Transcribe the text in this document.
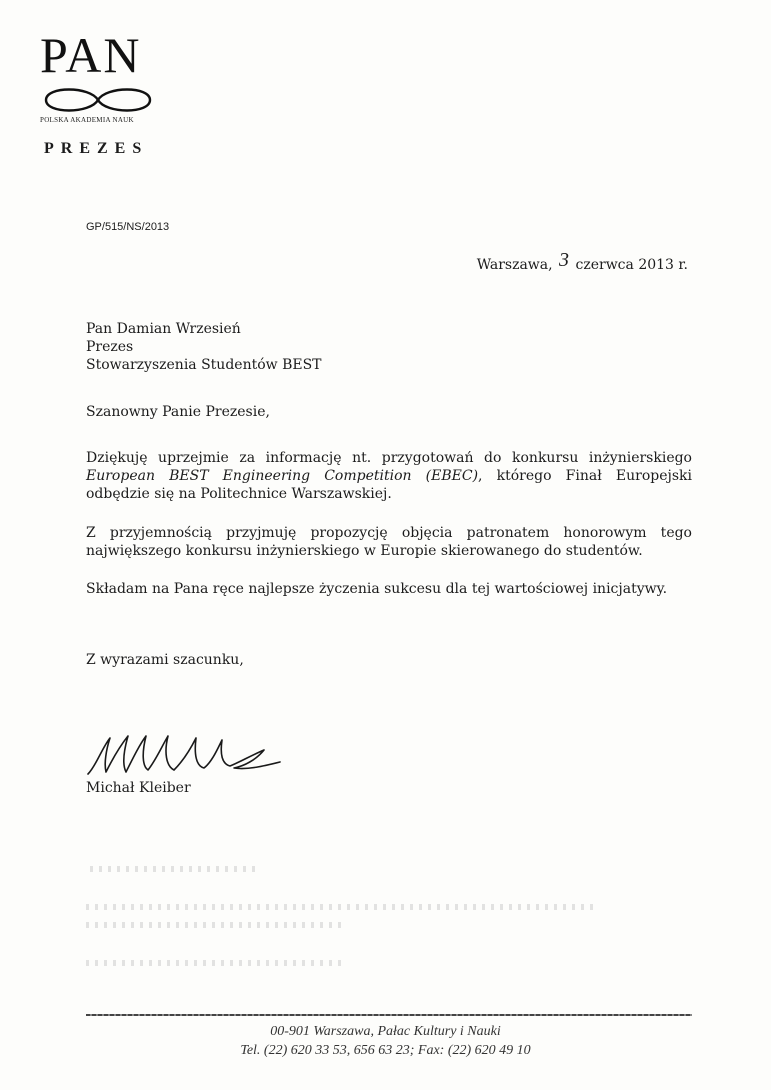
PAN
POLSKA AKADEMIA NAUK
PREZES
GP/515/NS/2013
Warszawa, 3 czerwca 2013 r.
Pan Damian Wrzesień
Prezes
Stowarzyszenia Studentów BEST
Szanowny Panie Prezesie,
Dziękuję uprzejmie za informację nt. przygotowań do konkursu inżynierskiego European BEST Engineering Competition (EBEC), którego Finał Europejski odbędzie się na Politechnice Warszawskiej.
Z przyjemnością przyjmuję propozycję objęcia patronatem honorowym tego największego konkursu inżynierskiego w Europie skierowanego do studentów.
Składam na Pana ręce najlepsze życzenia sukcesu dla tej wartościowej inicjatywy.
Z wyrazami szacunku,
Michał Kleiber
00-901 Warszawa, Pałac Kultury i Nauki
Tel. (22) 620 33 53, 656 63 23; Fax: (22) 620 49 10
